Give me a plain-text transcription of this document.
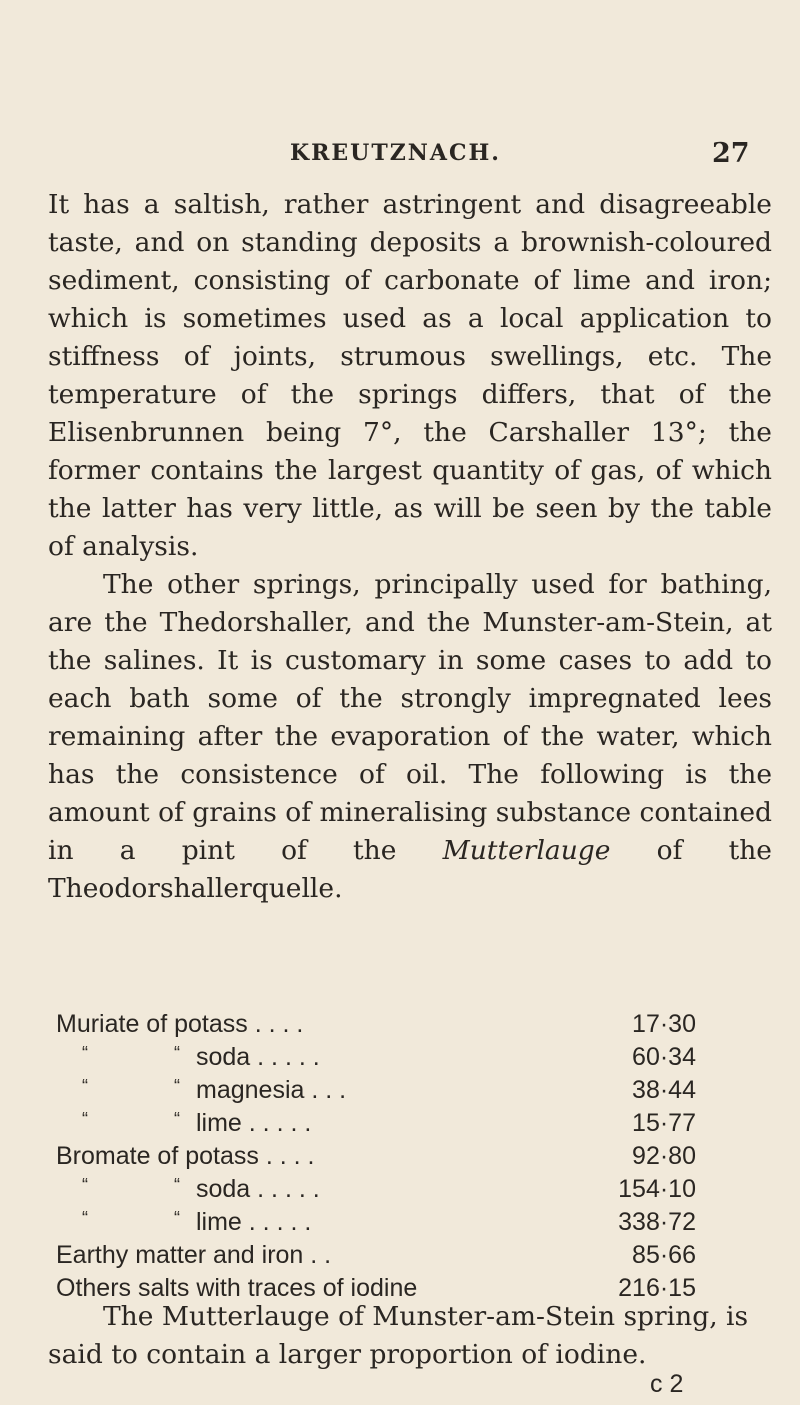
KREUTZNACH.	27

It has a saltish, rather astringent and disagreeable taste, and on standing deposits a brownish-coloured sediment, consisting of carbonate of lime and iron; which is sometimes used as a local application to stiffness of joints, strumous swellings, etc. The temperature of the springs differs, that of the Elisenbrunnen being 7°, the Carshaller 13°; the former contains the largest quantity of gas, of which the latter has very little, as will be seen by the table of analysis.

The other springs, principally used for bathing, are the Thedorshaller, and the Munster-am-Stein, at the salines. It is customary in some cases to add to each bath some of the strongly impregnated lees remaining after the evaporation of the water, which has the consistence of oil. The following is the amount of grains of mineralising substance contained in a pint of the Mutterlauge of the Theodorshallerquelle.

Muriate of potass . . . .	17·30
“	“ soda . . . . .	60·34
“	“ magnesia . . .	38·44
“	“ lime . . . . .	15·77
Bromate of potass . . . .	92·80
“	“ soda . . . . .	154·10
“	“ lime . . . . .	338·72
Earthy matter and iron . .	85·66
Others salts with traces of iodine	216·15

The Mutterlauge of Munster-am-Stein spring, is said to contain a larger proportion of iodine.

c 2
